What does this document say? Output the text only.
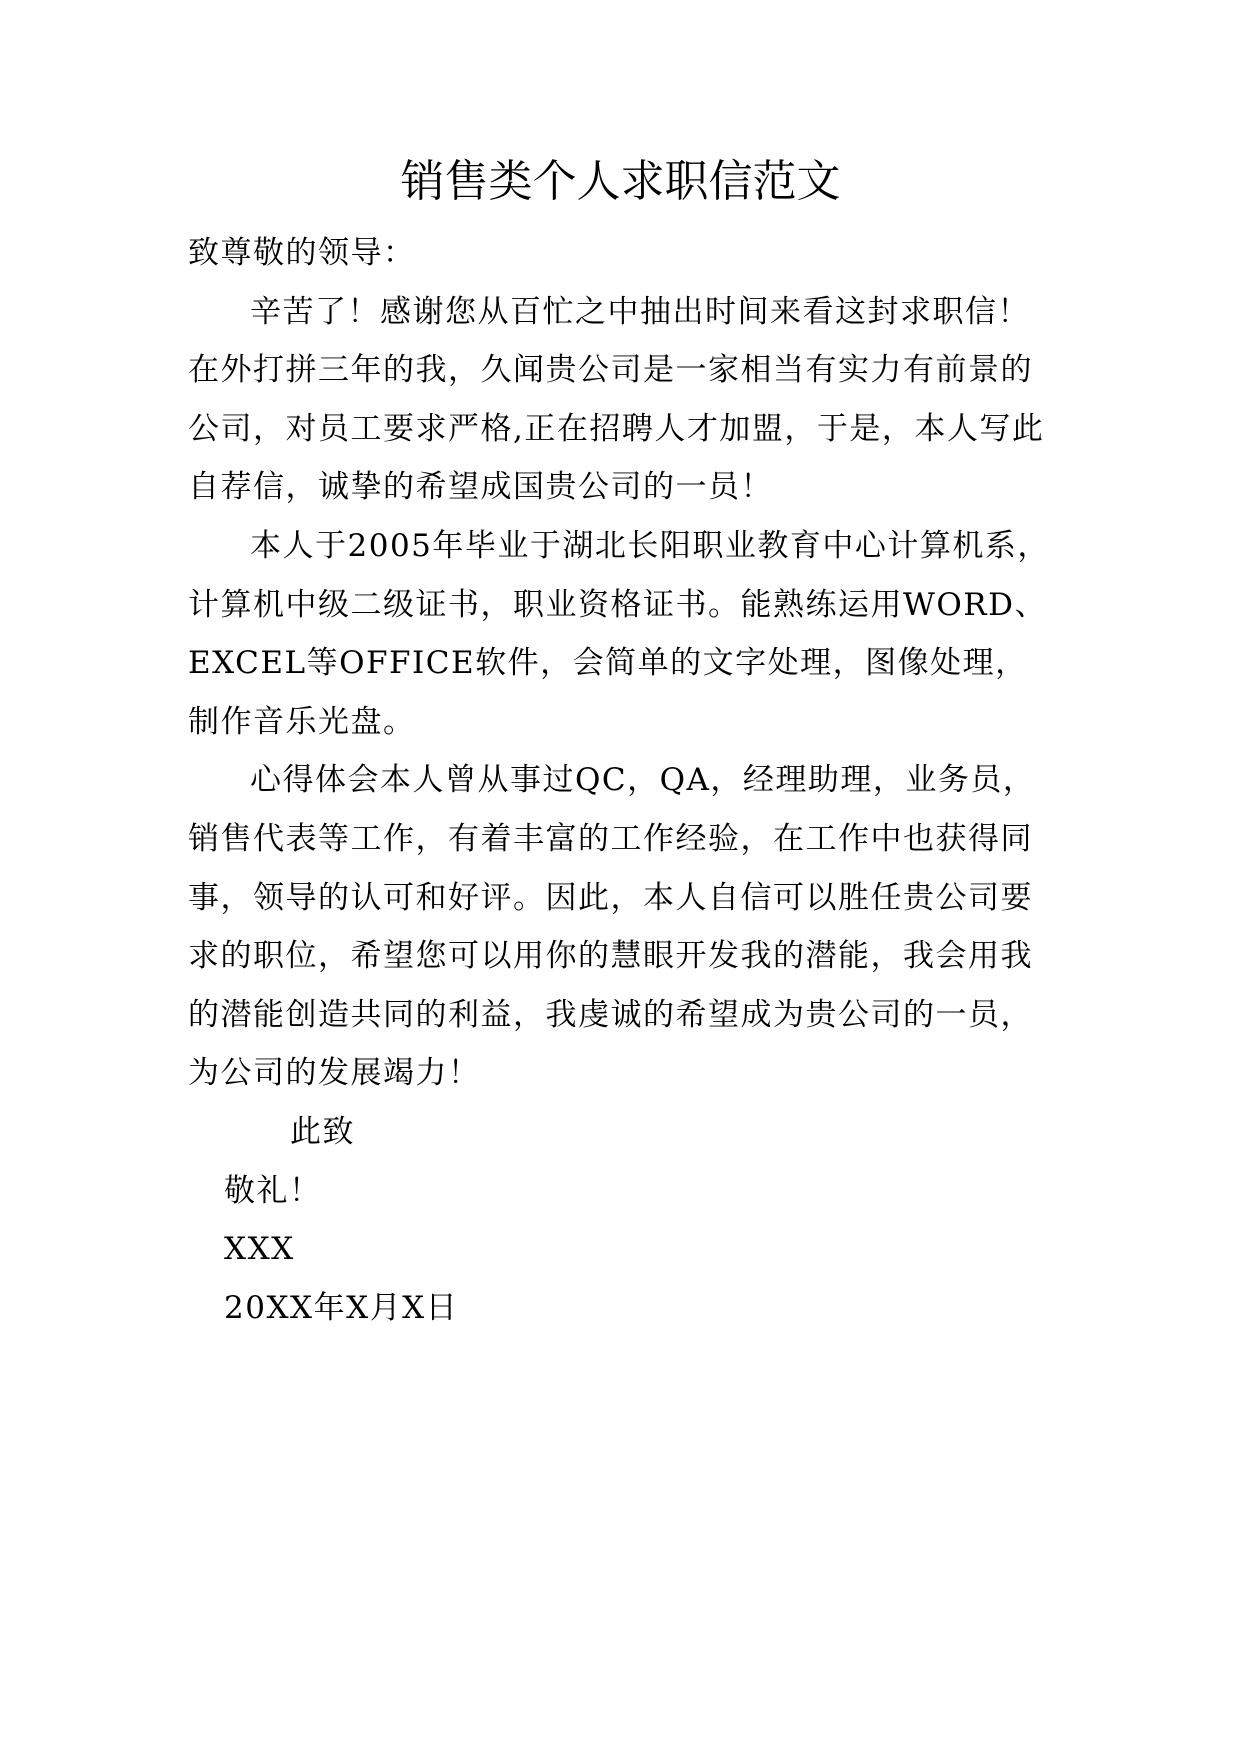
销售类个人求职信范文

致尊敬的领导：

辛苦了！感谢您从百忙之中抽出时间来看这封求职信！在外打拼三年的我，久闻贵公司是一家相当有实力有前景的公司，对员工要求严格,正在招聘人才加盟，于是，本人写此自荐信，诚挚的希望成国贵公司的一员！

本人于2005年毕业于湖北长阳职业教育中心计算机系，计算机中级二级证书，职业资格证书。能熟练运用WORD、EXCEL等OFFICE软件，会简单的文字处理，图像处理，制作音乐光盘。

心得体会本人曾从事过QC，QA，经理助理，业务员，销售代表等工作，有着丰富的工作经验，在工作中也获得同事，领导的认可和好评。因此，本人自信可以胜任贵公司要求的职位，希望您可以用你的慧眼开发我的潜能，我会用我的潜能创造共同的利益，我虔诚的希望成为贵公司的一员，为公司的发展竭力！

此致

敬礼！

XXX

20XX年X月X日
